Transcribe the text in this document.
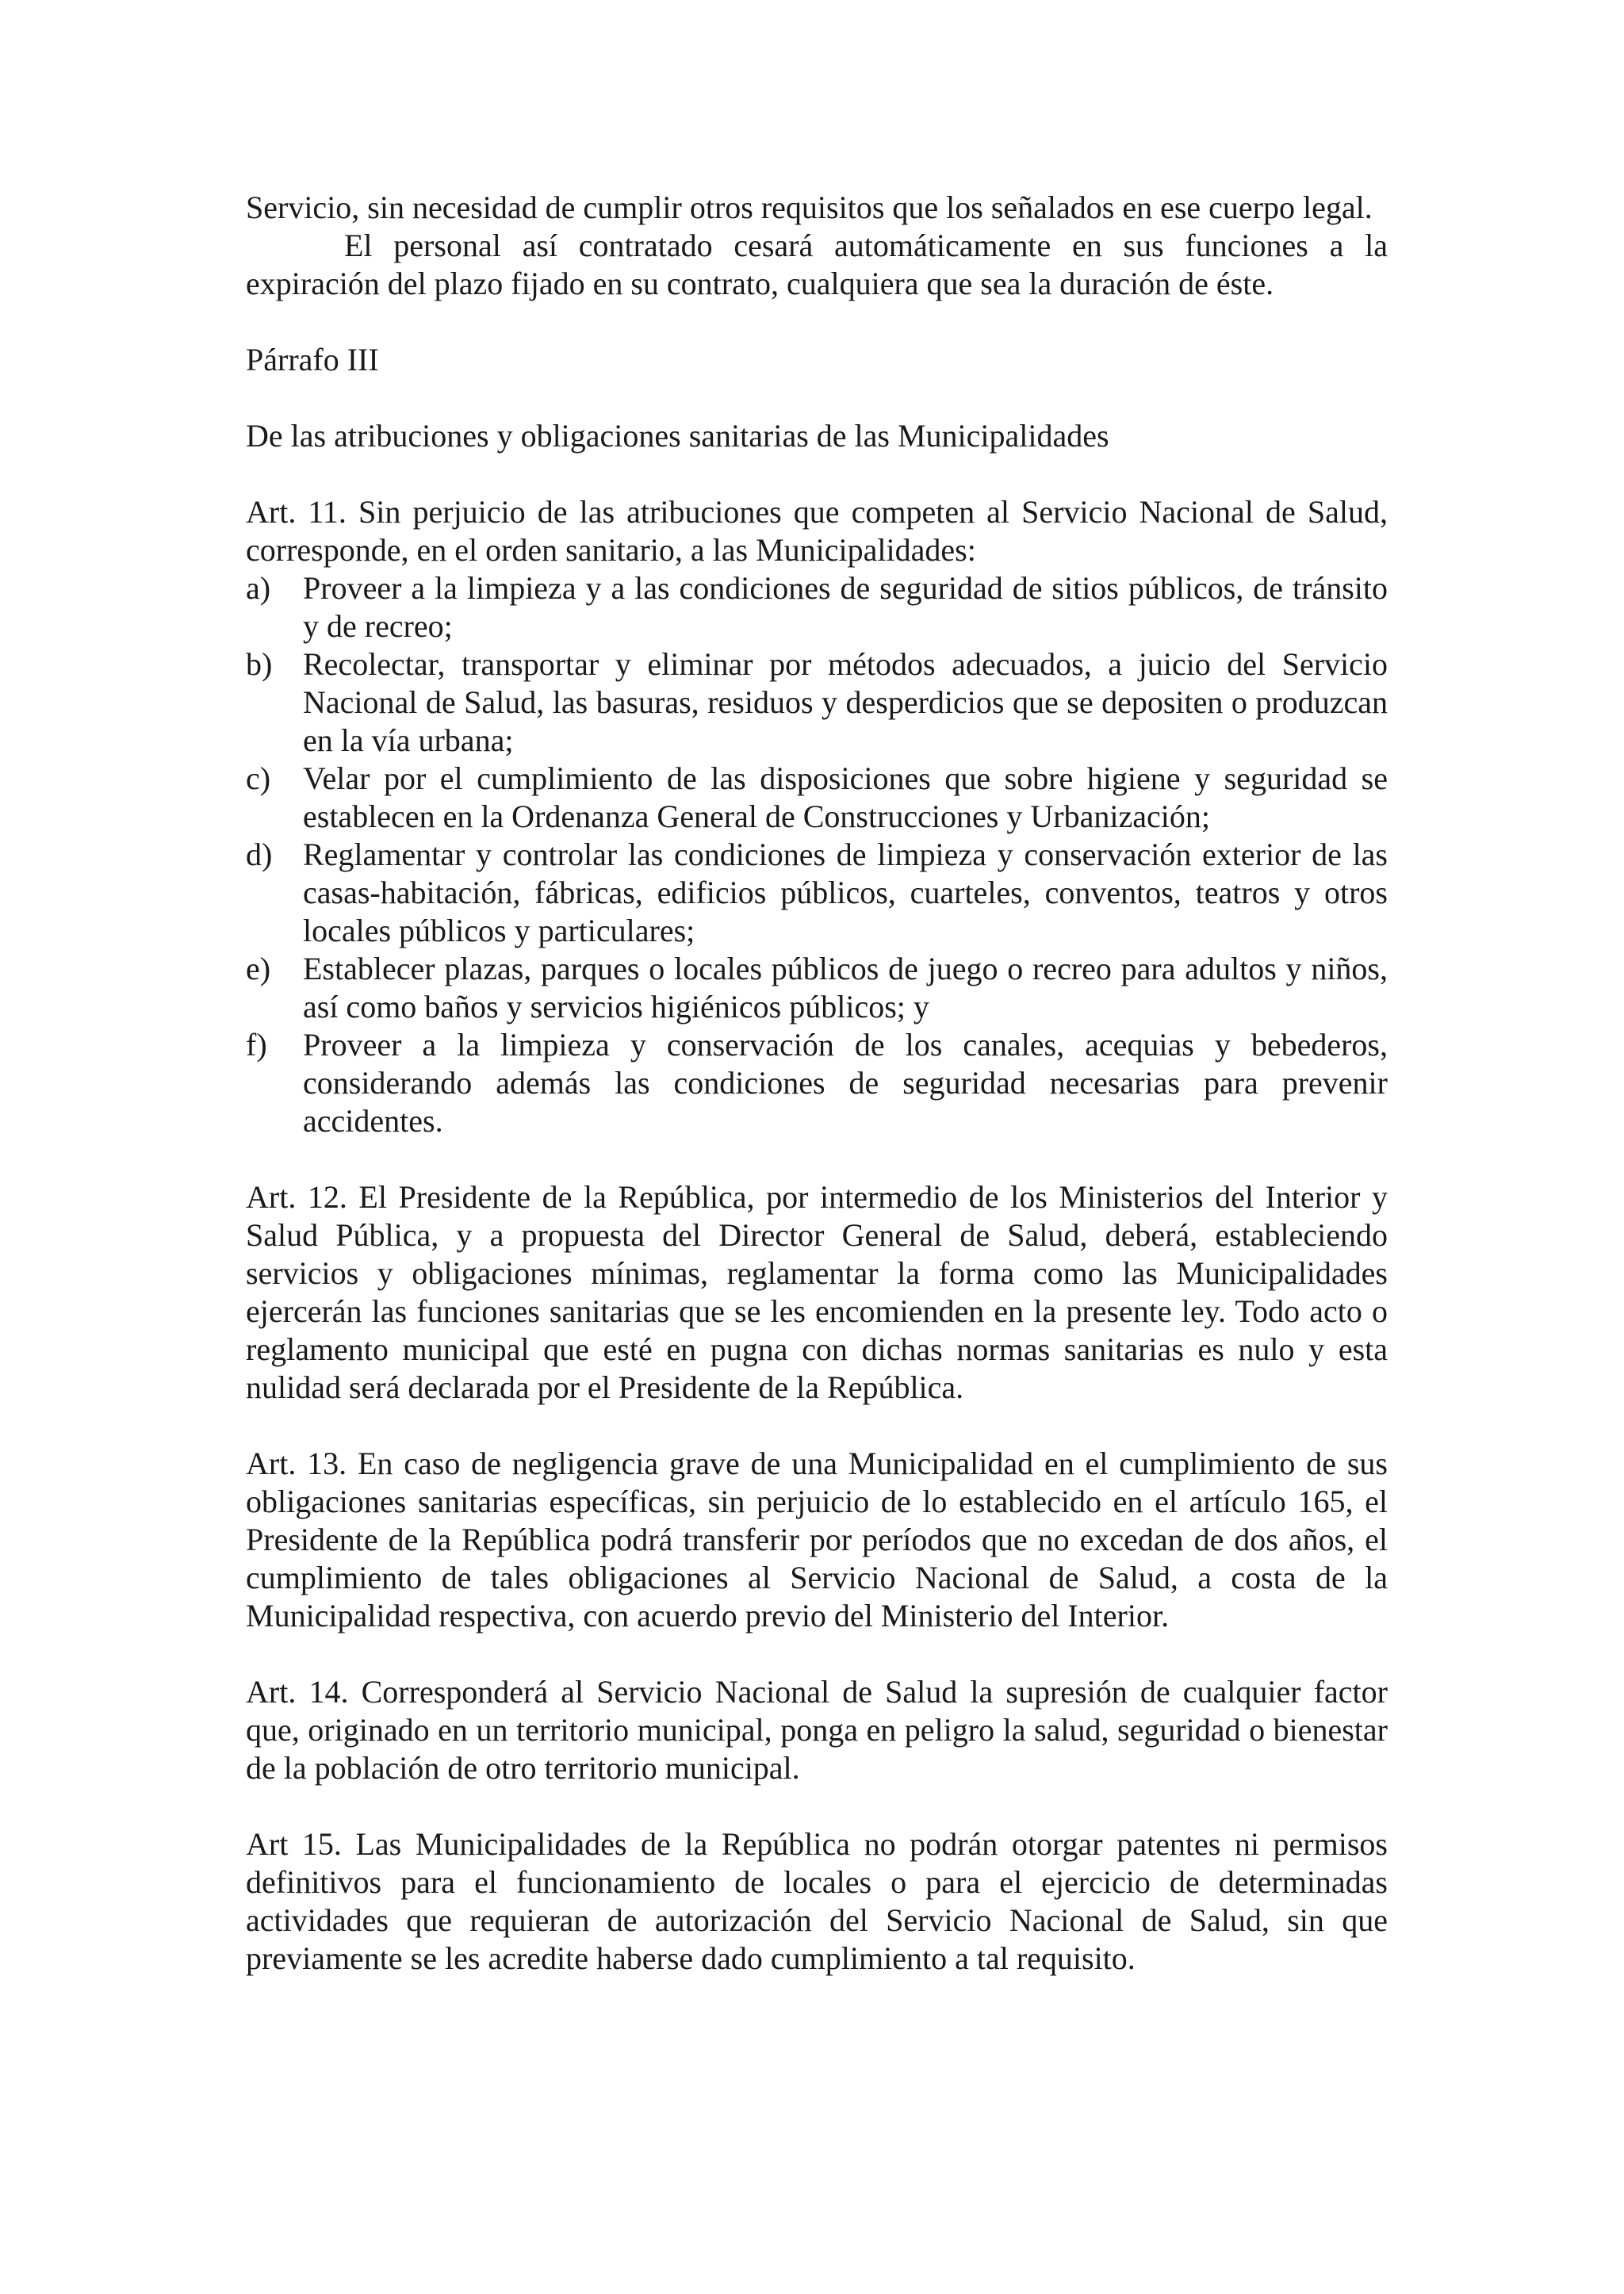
Servicio, sin necesidad de cumplir otros requisitos que los señalados en ese cuerpo legal.

El personal así contratado cesará automáticamente en sus funciones a la expiración del plazo fijado en su contrato, cualquiera que sea la duración de éste.

Párrafo III

De las atribuciones y obligaciones sanitarias de las Municipalidades

Art. 11. Sin perjuicio de las atribuciones que competen al Servicio Nacional de Salud, corresponde, en el orden sanitario, a las Municipalidades:

a)	Proveer a la limpieza y a las condiciones de seguridad de sitios públicos, de tránsito y de recreo;
b) Recolectar, transportar y eliminar por métodos adecuados, a juicio del Servicio Nacional de Salud, las basuras, residuos y desperdicios que se depositen o produzcan en la vía urbana;
c)	Velar por el cumplimiento de las disposiciones que sobre higiene y seguridad se establecen en la Ordenanza General de Construcciones y Urbanización;
d) Reglamentar y controlar las condiciones de limpieza y conservación exterior de las casas-habitación, fábricas, edificios públicos, cuarteles, conventos, teatros y otros locales públicos y particulares;
e)	Establecer plazas, parques o locales públicos de juego o recreo para adultos y niños, así como baños y servicios higiénicos públicos; y
f)	Proveer a la limpieza y conservación de los canales, acequias y bebederos, considerando además las condiciones de seguridad necesarias para prevenir accidentes.

Art. 12. El Presidente de la República, por intermedio de los Ministerios del Interior y Salud Pública, y a propuesta del Director General de Salud, deberá, estableciendo servicios y obligaciones mínimas, reglamentar la forma como las Municipalidades ejercerán las funciones sanitarias que se les encomienden en la presente ley. Todo acto o reglamento municipal que esté en pugna con dichas normas sanitarias es nulo y esta nulidad será declarada por el Presidente de la República.

Art. 13. En caso de negligencia grave de una Municipalidad en el cumplimiento de sus obligaciones sanitarias específicas, sin perjuicio de lo establecido en el artículo 165, el Presidente de la República podrá transferir por períodos que no excedan de dos años, el cumplimiento de tales obligaciones al Servicio Nacional de Salud, a costa de la Municipalidad respectiva, con acuerdo previo del Ministerio del Interior.

Art. 14. Corresponderá al Servicio Nacional de Salud la supresión de cualquier factor que, originado en un territorio municipal, ponga en peligro la salud, seguridad o bienestar de la población de otro territorio municipal.

Art 15. Las Municipalidades de la República no podrán otorgar patentes ni permisos definitivos para el funcionamiento de locales o para el ejercicio de determinadas actividades que requieran de autorización del Servicio Nacional de Salud, sin que previamente se les acredite haberse dado cumplimiento a tal requisito.
